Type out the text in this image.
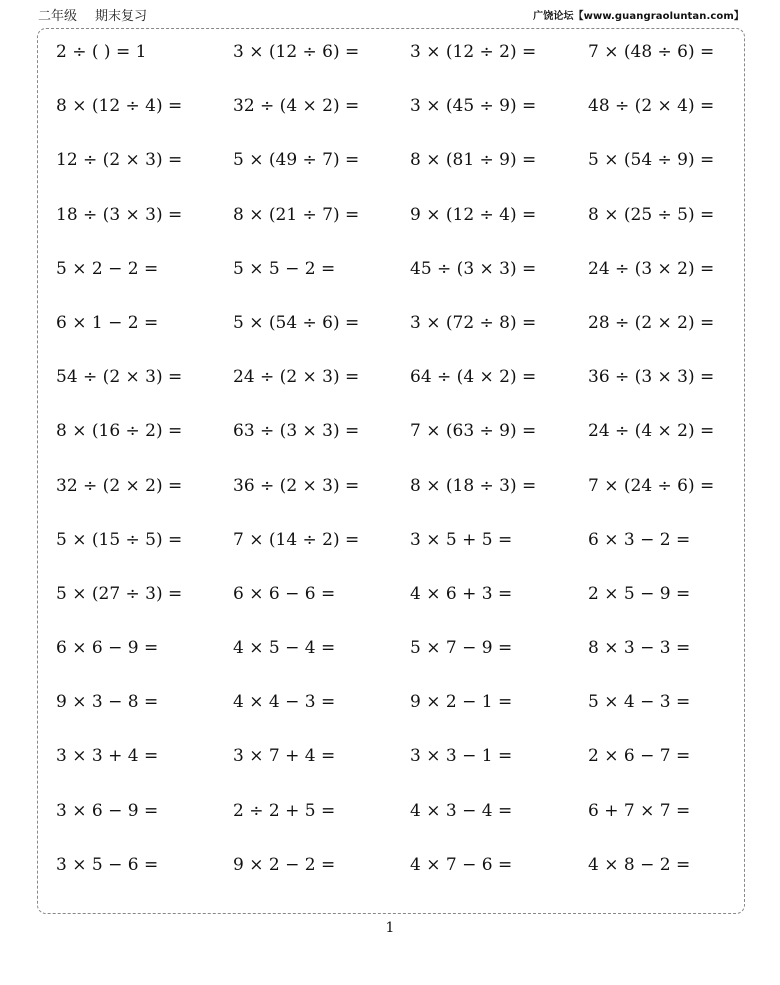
二年级 期末复习	广饶论坛【www.guangraoluntan.com】
2 ÷ ( ) = 1	3 × (12 ÷ 6) =	3 × (12 ÷ 2) =	7 × (48 ÷ 6) =
8 × (12 ÷ 4) =	32 ÷ (4 × 2) =	3 × (45 ÷ 9) =	48 ÷ (2 × 4) =
12 ÷ (2 × 3) =	5 × (49 ÷ 7) =	8 × (81 ÷ 9) =	5 × (54 ÷ 9) =
18 ÷ (3 × 3) =	8 × (21 ÷ 7) =	9 × (12 ÷ 4) =	8 × (25 ÷ 5) =
5 × 2 − 2 =	5 × 5 − 2 =	45 ÷ (3 × 3) =	24 ÷ (3 × 2) =
6 × 1 − 2 =	5 × (54 ÷ 6) =	3 × (72 ÷ 8) =	28 ÷ (2 × 2) =
54 ÷ (2 × 3) =	24 ÷ (2 × 3) =	64 ÷ (4 × 2) =	36 ÷ (3 × 3) =
8 × (16 ÷ 2) =	63 ÷ (3 × 3) =	7 × (63 ÷ 9) =	24 ÷ (4 × 2) =
32 ÷ (2 × 2) =	36 ÷ (2 × 3) =	8 × (18 ÷ 3) =	7 × (24 ÷ 6) =
5 × (15 ÷ 5) =	7 × (14 ÷ 2) =	3 × 5 + 5 =	6 × 3 − 2 =
5 × (27 ÷ 3) =	6 × 6 − 6 =	4 × 6 + 3 =	2 × 5 − 9 =
6 × 6 − 9 =	4 × 5 − 4 =	5 × 7 − 9 =	8 × 3 − 3 =
9 × 3 − 8 =	4 × 4 − 3 =	9 × 2 − 1 =	5 × 4 − 3 =
3 × 3 + 4 =	3 × 7 + 4 =	3 × 3 − 1 =	2 × 6 − 7 =
3 × 6 − 9 =	2 ÷ 2 + 5 =	4 × 3 − 4 =	6 + 7 × 7 =
3 × 5 − 6 =	9 × 2 − 2 =	4 × 7 − 6 =	4 × 8 − 2 =
1
